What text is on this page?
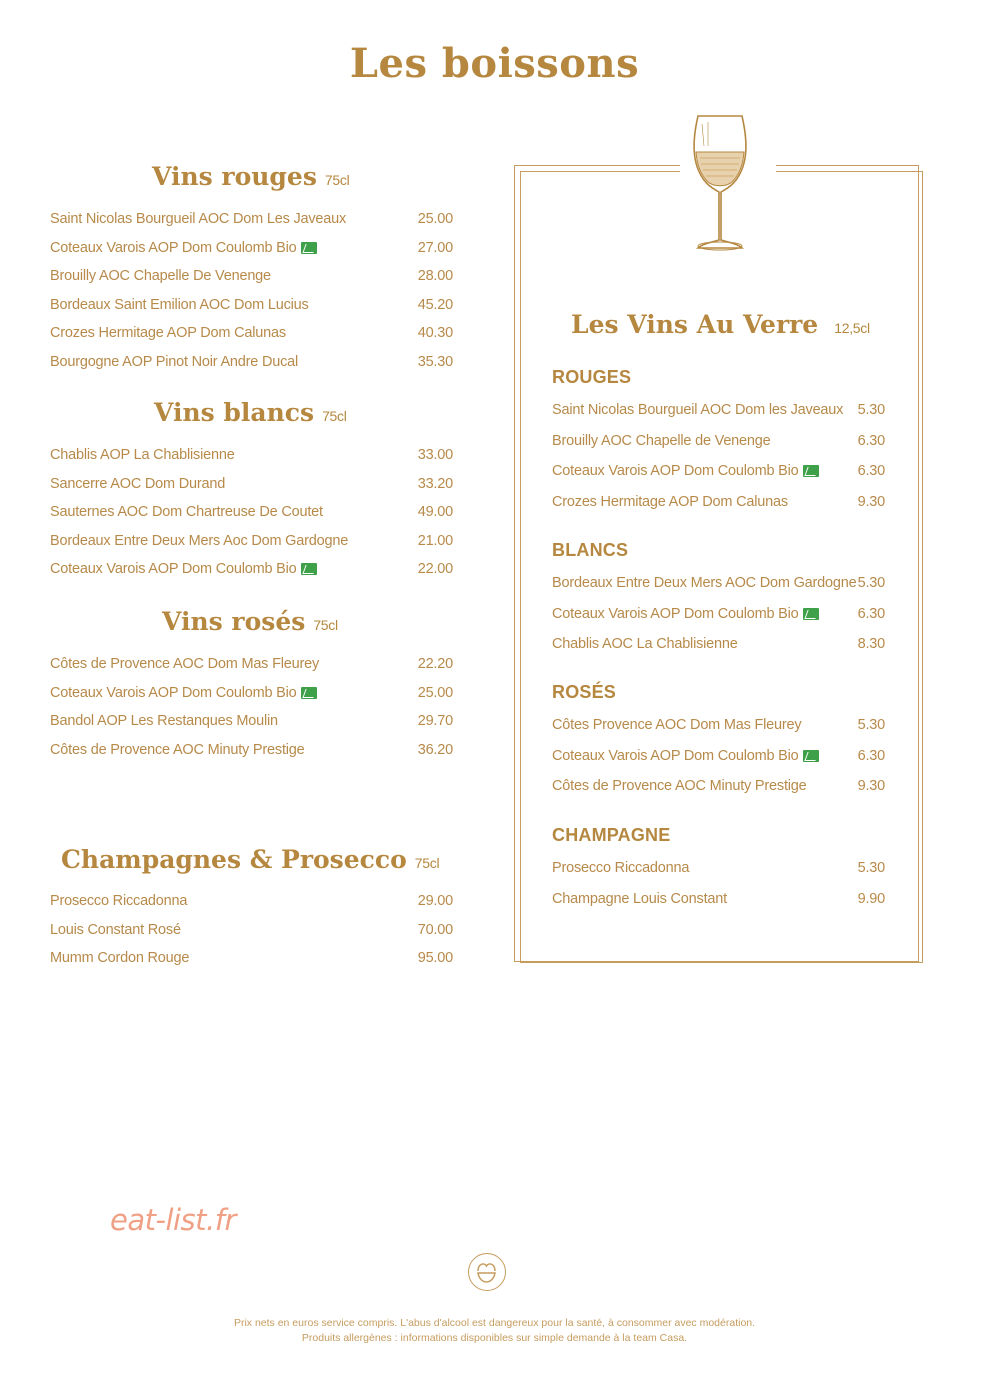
Les boissons
Vins rouges 75cl
Saint Nicolas Bourgueil AOC Dom Les Javeaux	25.00
Coteaux Varois AOP Dom Coulomb Bio	27.00
Brouilly AOC Chapelle De Venenge	28.00
Bordeaux Saint Emilion AOC Dom Lucius	45.20
Crozes Hermitage AOP Dom Calunas	40.30
Bourgogne AOP Pinot Noir Andre Ducal	35.30
Vins blancs 75cl
Chablis AOP La Chablisienne	33.00
Sancerre AOC Dom Durand	33.20
Sauternes AOC Dom Chartreuse De Coutet	49.00
Bordeaux Entre Deux Mers Aoc Dom Gardogne	21.00
Coteaux Varois AOP Dom Coulomb Bio	22.00
Vins rosés 75cl
Côtes de Provence AOC Dom Mas Fleurey	22.20
Coteaux Varois AOP Dom Coulomb Bio	25.00
Bandol AOP Les Restanques Moulin	29.70
Côtes de Provence AOC Minuty Prestige	36.20
Champagnes & Prosecco 75cl
Prosecco Riccadonna	29.00
Louis Constant Rosé	70.00
Mumm Cordon Rouge	95.00
Les Vins Au Verre 12,5cl
ROUGES
Saint Nicolas Bourgueil AOC Dom les Javeaux 5.30
Brouilly AOC Chapelle de Venenge	6.30
Coteaux Varois AOP Dom Coulomb Bio	6.30
Crozes Hermitage AOP Dom Calunas	9.30
BLANCS
Bordeaux Entre Deux Mers AOC Dom Gardogne 5.30
Coteaux Varois AOP Dom Coulomb Bio	6.30
Chablis AOC La Chablisienne	8.30
ROSÉS
Côtes Provence AOC Dom Mas Fleurey	5.30
Coteaux Varois AOP Dom Coulomb Bio	6.30
Côtes de Provence AOC Minuty Prestige	9.30
CHAMPAGNE
Prosecco Riccadonna	5.30
Champagne Louis Constant	9.90
eat-list.fr
Prix nets en euros service compris. L'abus d'alcool est dangereux pour la santé, à consommer avec modération.
Produits allergènes : informations disponibles sur simple demande à la team Casa.
